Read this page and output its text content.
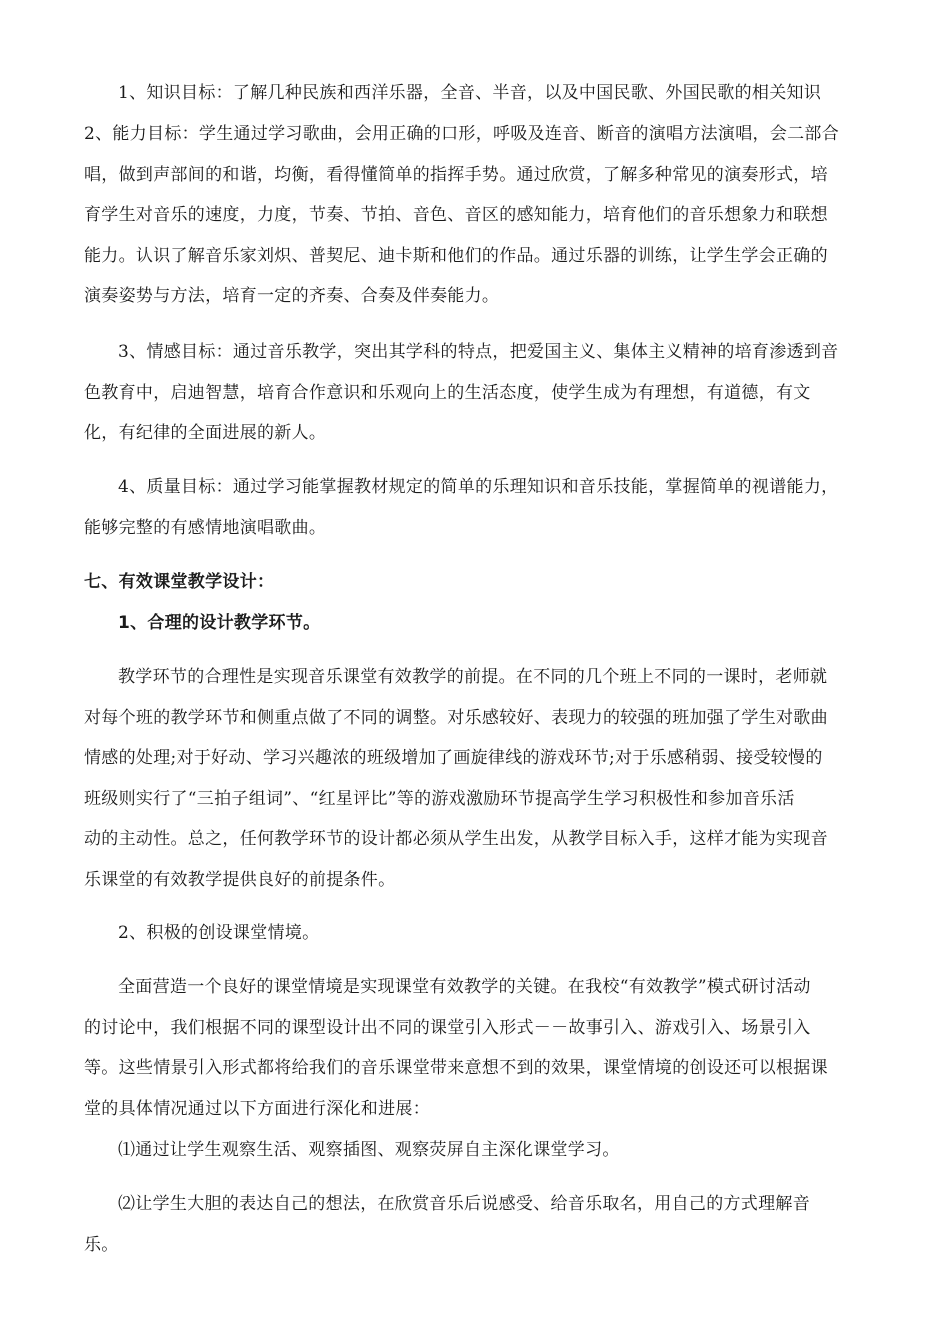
1、知识目标：了解几种民族和西洋乐器，全音、半音，以及中国民歌、外国民歌的相关知识

2、能力目标：学生通过学习歌曲，会用正确的口形，呼吸及连音、断音的演唱方法演唱，会二部合
唱，做到声部间的和谐，均衡，看得懂简单的指挥手势。通过欣赏，了解多种常见的演奏形式，培
育学生对音乐的速度，力度，节奏、节拍、音色、音区的感知能力，培育他们的音乐想象力和联想
能力。认识了解音乐家刘炽、普契尼、迪卡斯和他们的作品。通过乐器的训练，让学生学会正确的
演奏姿势与方法，培育一定的齐奏、合奏及伴奏能力。

3、情感目标：通过音乐教学，突出其学科的特点，把爱国主义、集体主义精神的培育渗透到音
色教育中，启迪智慧，培育合作意识和乐观向上的生活态度，使学生成为有理想，有道德，有文
化，有纪律的全面进展的新人。

4、质量目标：通过学习能掌握教材规定的简单的乐理知识和音乐技能，掌握简单的视谱能力，
能够完整的有感情地演唱歌曲。

七、有效课堂教学设计：

1、合理的设计教学环节。

教学环节的合理性是实现音乐课堂有效教学的前提。在不同的几个班上不同的一课时，老师就
对每个班的教学环节和侧重点做了不同的调整。对乐感较好、表现力的较强的班加强了学生对歌曲
情感的处理;对于好动、学习兴趣浓的班级增加了画旋律线的游戏环节;对于乐感稍弱、接受较慢的
班级则实行了“三拍子组词”、“红星评比”等的游戏激励环节提高学生学习积极性和参加音乐活
动的主动性。总之，任何教学环节的设计都必须从学生出发，从教学目标入手，这样才能为实现音
乐课堂的有效教学提供良好的前提条件。

2、积极的创设课堂情境。

全面营造一个良好的课堂情境是实现课堂有效教学的关键。在我校“有效教学”模式研讨活动
的讨论中，我们根据不同的课型设计出不同的课堂引入形式－－故事引入、游戏引入、场景引入
等。这些情景引入形式都将给我们的音乐课堂带来意想不到的效果，课堂情境的创设还可以根据课
堂的具体情况通过以下方面进行深化和进展：

⑴通过让学生观察生活、观察插图、观察荧屏自主深化课堂学习。

⑵让学生大胆的表达自己的想法，在欣赏音乐后说感受、给音乐取名，用自己的方式理解音
乐。
